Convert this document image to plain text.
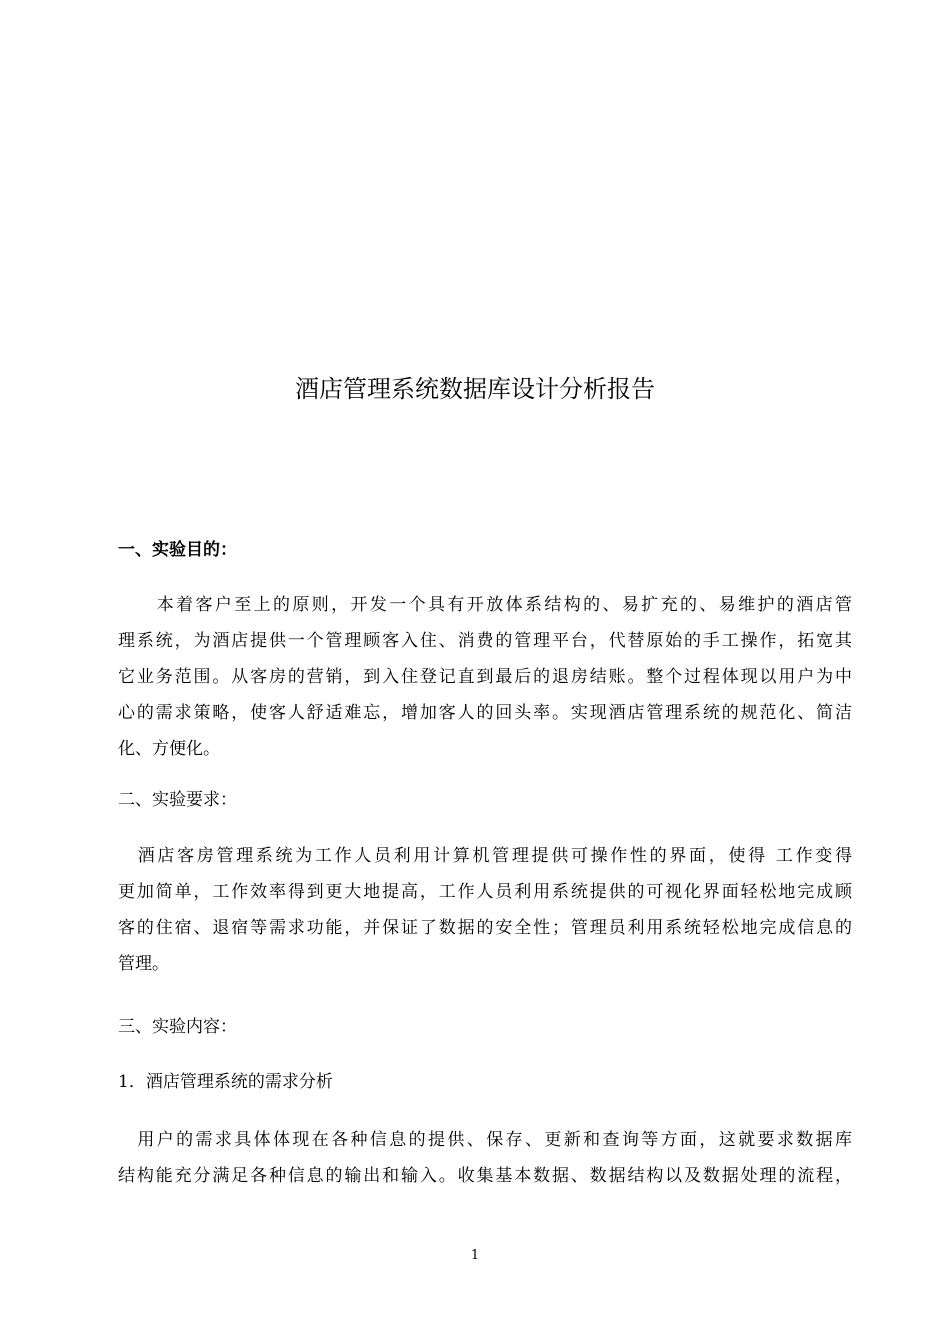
酒店管理系统数据库设计分析报告
一、实验目的：

　　本着客户至上的原则，开发一个具有开放体系结构的、易扩充的、易维护的酒店管
理系统，为酒店提供一个管理顾客入住、消费的管理平台，代替原始的手工操作，拓宽其
它业务范围。从客房的营销，到入住登记直到最后的退房结账。整个过程体现以用户为中
心的需求策略，使客人舒适难忘，增加客人的回头率。实现酒店管理系统的规范化、简洁
化、方便化。

二、实验要求：

　酒店客房管理系统为工作人员利用计算机管理提供可操作性的界面，使得 工作变得
更加简单，工作效率得到更大地提高，工作人员利用系统提供的可视化界面轻松地完成顾
客的住宿、退宿等需求功能，并保证了数据的安全性；管理员利用系统轻松地完成信息的
管理。

三、实验内容：
1．酒店管理系统的需求分析

　用户的需求具体体现在各种信息的提供、保存、更新和查询等方面，这就要求数据库
结构能充分满足各种信息的输出和输入。收集基本数据、数据结构以及数据处理的流程，

1
